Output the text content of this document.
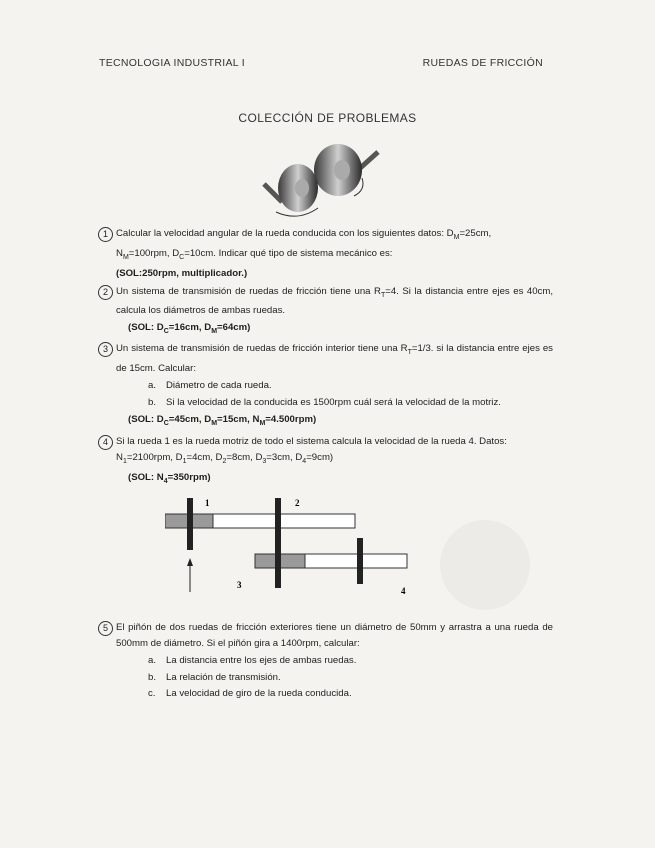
TECNOLOGIA INDUSTRIAL I	RUEDAS DE FRICCIÓN
COLECCIÓN DE PROBLEMAS
1 Calcular la velocidad angular de la rueda conducida con los siguientes datos: $D_M=25cm$,
$N_M=100rpm$, $D_C=10cm$. Indicar qué tipo de sistema mecánico es:
(SOL:250rpm, multiplicador.)
2 Un sistema de transmisión de ruedas de fricción tiene una $R_T=4$. Si la distancia entre ejes es 40cm, calcula los diámetros de ambas ruedas.
(SOL: $D_C=16cm$, $D_M=64cm$)
3 Un sistema de transmisión de ruedas de fricción interior tiene una $R_T=1/3$. si la distancia entre ejes es de 15cm. Calcular:
a. Diámetro de cada rueda.
b. Si la velocidad de la conducida es 1500rpm cuál será la velocidad de la motriz.
(SOL: $D_C=45cm$, $D_M=15cm$, $N_M=4.500rpm$)
4 Si la rueda 1 es la rueda motriz de todo el sistema calcula la velocidad de la rueda 4. Datos:
$N_1=2100rpm$, $D_1=4cm$, $D_2=8cm$, $D_3=3cm$, $D_4=9cm$)
(SOL: $N_4=350rpm$)
1	2
3
4
5 El piñón de dos ruedas de fricción exteriores tiene un diámetro de 50mm y arrastra a una rueda de 500mm de diámetro. Si el piñón gira a 1400rpm, calcular:
a. La distancia entre los ejes de ambas ruedas.
b. La relación de transmisión.
c. La velocidad de giro de la rueda conducida.
